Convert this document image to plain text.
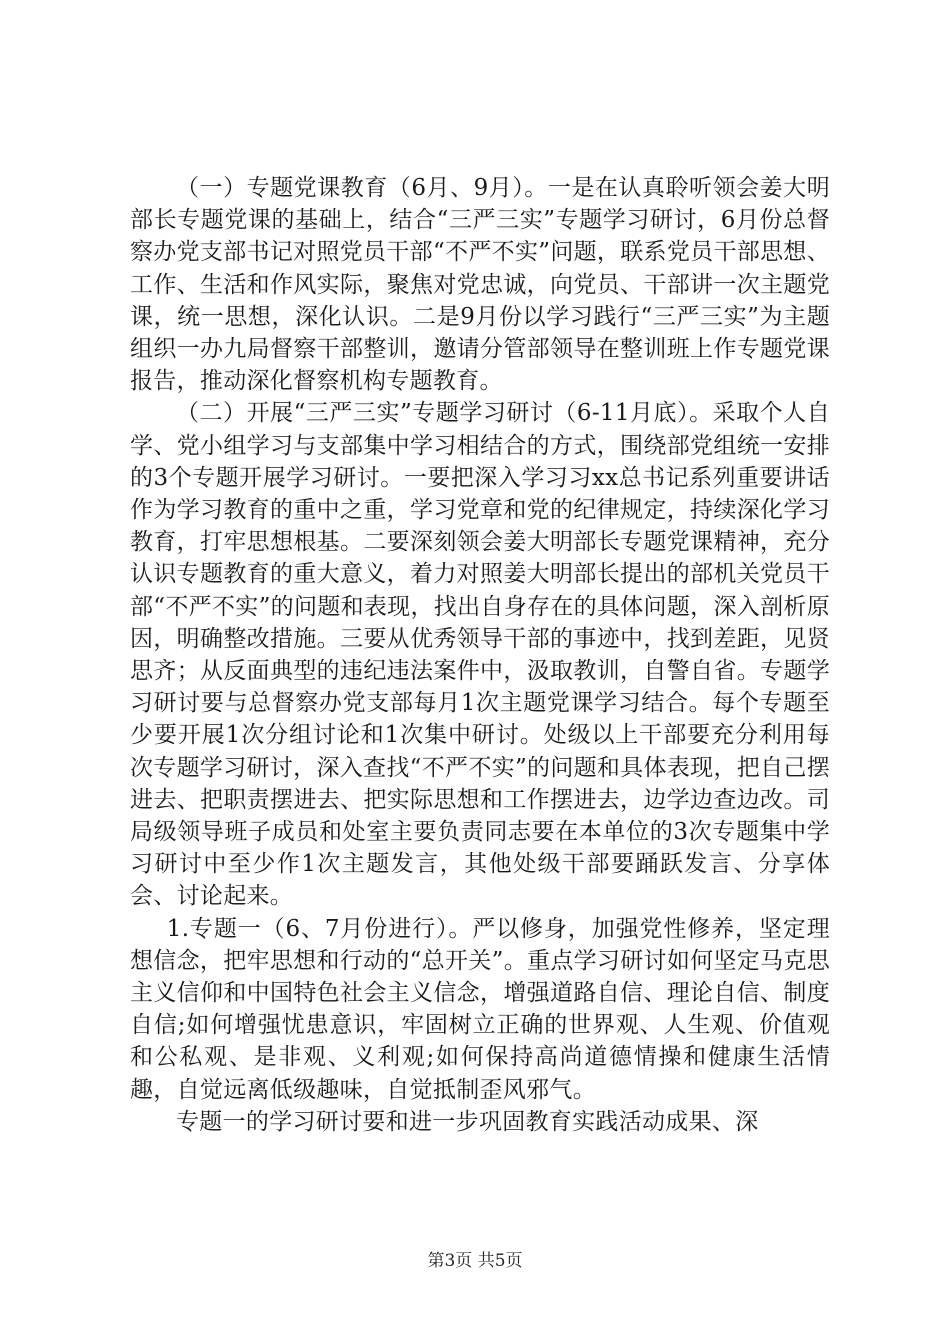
（一）专题党课教育（6月、9月）。一是在认真聆听领会姜大明部长专题党课的基础上，结合“三严三实”专题学习研讨，6月份总督察办党支部书记对照党员干部“不严不实”问题，联系党员干部思想、工作、生活和作风实际，聚焦对党忠诚，向党员、干部讲一次主题党课，统一思想，深化认识。二是9月份以学习践行“三严三实”为主题组织一办九局督察干部整训，邀请分管部领导在整训班上作专题党课报告，推动深化督察机构专题教育。

（二）开展“三严三实”专题学习研讨（6-11月底）。采取个人自学、党小组学习与支部集中学习相结合的方式，围绕部党组统一安排的3个专题开展学习研讨。一要把深入学习习xx总书记系列重要讲话作为学习教育的重中之重，学习党章和党的纪律规定，持续深化学习教育，打牢思想根基。二要深刻领会姜大明部长专题党课精神，充分认识专题教育的重大意义，着力对照姜大明部长提出的部机关党员干部“不严不实”的问题和表现，找出自身存在的具体问题，深入剖析原因，明确整改措施。三要从优秀领导干部的事迹中，找到差距，见贤思齐；从反面典型的违纪违法案件中，汲取教训，自警自省。专题学习研讨要与总督察办党支部每月1次主题党课学习结合。每个专题至少要开展1次分组讨论和1次集中研讨。处级以上干部要充分利用每次专题学习研讨，深入查找“不严不实”的问题和具体表现，把自己摆进去、把职责摆进去、把实际思想和工作摆进去，边学边查边改。司局级领导班子成员和处室主要负责同志要在本单位的3次专题集中学习研讨中至少作1次主题发言，其他处级干部要踊跃发言、分享体会、讨论起来。

1.专题一（6、7月份进行）。严以修身，加强党性修养，坚定理想信念，把牢思想和行动的“总开关”。重点学习研讨如何坚定马克思主义信仰和中国特色社会主义信念，增强道路自信、理论自信、制度自信;如何增强忧患意识，牢固树立正确的世界观、人生观、价值观和公私观、是非观、义利观;如何保持高尚道德情操和健康生活情趣，自觉远离低级趣味，自觉抵制歪风邪气。

专题一的学习研讨要和进一步巩固教育实践活动成果、深

第3页 共5页
